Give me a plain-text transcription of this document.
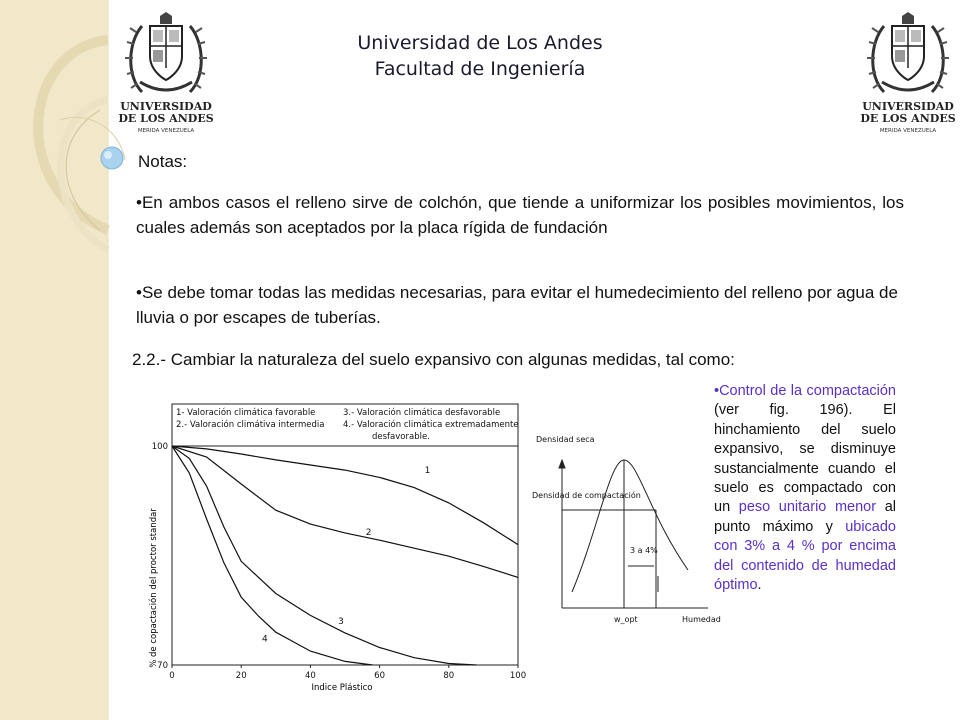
UNIVERSIDAD
DE LOS ANDES
MERIDA VENEZUELA
UNIVERSIDAD
DE LOS ANDES
MERIDA VENEZUELA
Universidad de Los Andes
Facultad de Ingeniería
Notas:
•En ambos casos el relleno sirve de colchón, que tiende a uniformizar los posibles movimientos, los cuales además son aceptados por la placa rígida de fundación
•Se debe tomar todas las medidas necesarias, para evitar el humedecimiento del relleno por agua de lluvia o por escapes de tuberías.
2.2.- Cambiar la naturaleza del suelo expansivo con algunas medidas, tal como:
1- Valoración climática favorable
2.- Valoración climátiva intermedia
3.- Valoración climática desfavorable
4.- Valoración climática extremadamente
desfavorable.
0	20	40	60	80	100
100
70
1
2
3
4
% de copactación del proctor standar
Indice Plástico
Densidad seca
Densidad de compactación
Humedad
w_opt
3 a 4%
•Control de la compactación (ver fig. 196). El hinchamiento del suelo expansivo, se disminuye sustancialmente cuando el suelo es compactado con un peso unitario menor al punto máximo y ubicado con 3% a 4 % por encima del contenido de humedad óptimo.
